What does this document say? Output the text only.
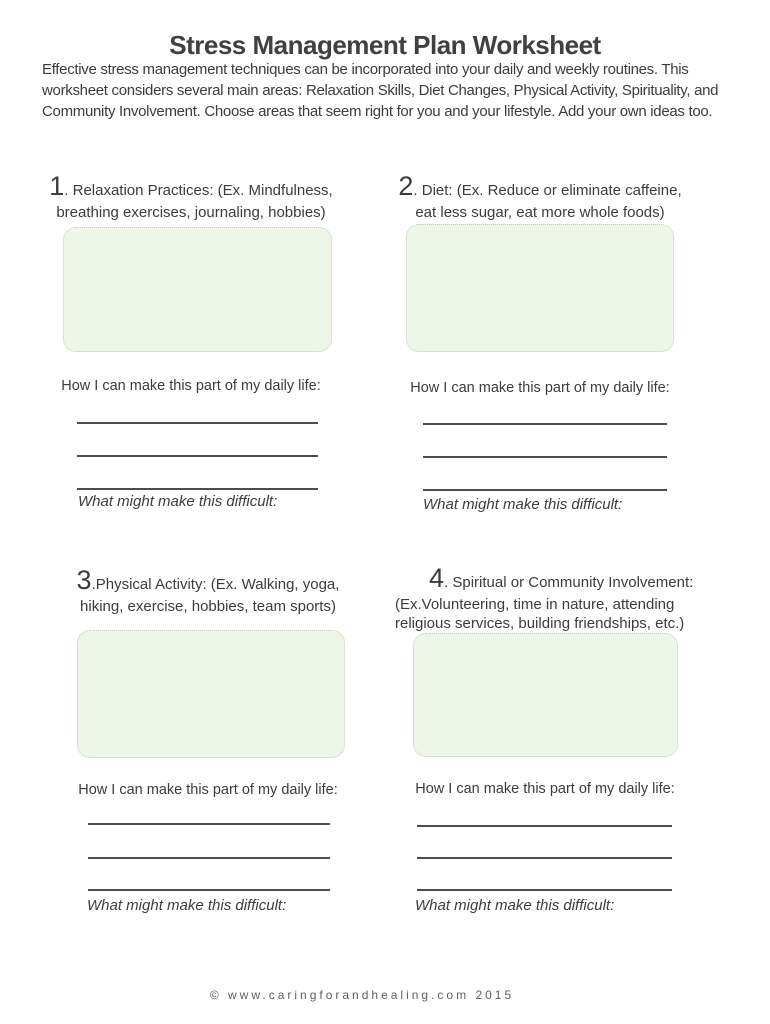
Stress Management Plan Worksheet
Effective stress management techniques can be incorporated into your daily and weekly routines. This
worksheet considers several main areas: Relaxation Skills, Diet Changes, Physical Activity, Spirituality, and
Community Involvement. Choose areas that seem right for you and your lifestyle. Add your own ideas too.
1. Relaxation Practices: (Ex. Mindfulness,
breathing exercises, journaling, hobbies)
How I can make this part of my daily life:
What might make this difficult:
2. Diet: (Ex. Reduce or eliminate caffeine,
eat less sugar, eat more whole foods)
How I can make this part of my daily life:
What might make this difficult:
3.Physical Activity: (Ex. Walking, yoga,
hiking, exercise, hobbies, team sports)
How I can make this part of my daily life:
What might make this difficult:
4. Spiritual or Community Involvement:
(Ex.Volunteering, time in nature, attending
religious services, building friendships, etc.)
How I can make this part of my daily life:
What might make this difficult:
© www.caringforandhealing.com 2015
